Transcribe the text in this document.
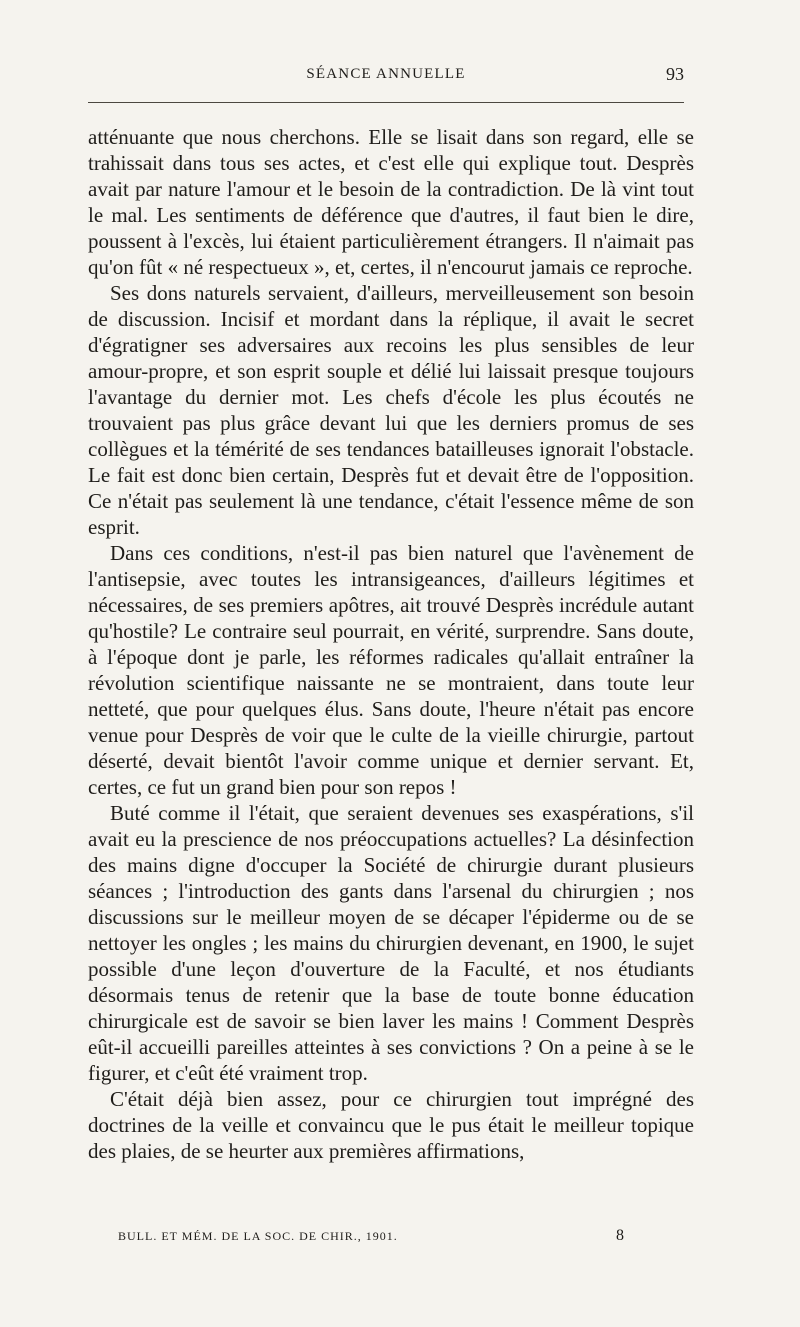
SÉANCE ANNUELLE	93

atténuante que nous cherchons. Elle se lisait dans son regard, elle se trahissait dans tous ses actes, et c'est elle qui explique tout. Desprès avait par nature l'amour et le besoin de la contradiction. De là vint tout le mal. Les sentiments de déférence que d'autres, il faut bien le dire, poussent à l'excès, lui étaient particulièrement étrangers. Il n'aimait pas qu'on fût « né respectueux », et, certes, il n'encourut jamais ce reproche.

Ses dons naturels servaient, d'ailleurs, merveilleusement son besoin de discussion. Incisif et mordant dans la réplique, il avait le secret d'égratigner ses adversaires aux recoins les plus sensibles de leur amour-propre, et son esprit souple et délié lui laissait presque toujours l'avantage du dernier mot. Les chefs d'école les plus écoutés ne trouvaient pas plus grâce devant lui que les derniers promus de ses collègues et la témérité de ses tendances batailleuses ignorait l'obstacle. Le fait est donc bien certain, Desprès fut et devait être de l'opposition. Ce n'était pas seulement là une tendance, c'était l'essence même de son esprit.

Dans ces conditions, n'est-il pas bien naturel que l'avènement de l'antisepsie, avec toutes les intransigeances, d'ailleurs légitimes et nécessaires, de ses premiers apôtres, ait trouvé Desprès incrédule autant qu'hostile? Le contraire seul pourrait, en vérité, surprendre. Sans doute, à l'époque dont je parle, les réformes radicales qu'allait entraîner la révolution scientifique naissante ne se montraient, dans toute leur netteté, que pour quelques élus. Sans doute, l'heure n'était pas encore venue pour Desprès de voir que le culte de la vieille chirurgie, partout déserté, devait bientôt l'avoir comme unique et dernier servant. Et, certes, ce fut un grand bien pour son repos !

Buté comme il l'était, que seraient devenues ses exaspérations, s'il avait eu la prescience de nos préoccupations actuelles? La désinfection des mains digne d'occuper la Société de chirurgie durant plusieurs séances ; l'introduction des gants dans l'arsenal du chirurgien ; nos discussions sur le meilleur moyen de se décaper l'épiderme ou de se nettoyer les ongles ; les mains du chirurgien devenant, en 1900, le sujet possible d'une leçon d'ouverture de la Faculté, et nos étudiants désormais tenus de retenir que la base de toute bonne éducation chirurgicale est de savoir se bien laver les mains ! Comment Desprès eût-il accueilli pareilles atteintes à ses convictions ? On a peine à se le figurer, et c'eût été vraiment trop.

C'était déjà bien assez, pour ce chirurgien tout imprégné des doctrines de la veille et convaincu que le pus était le meilleur topique des plaies, de se heurter aux premières affirmations,

BULL. ET MÉM. DE LA SOC. DE CHIR., 1901.	8
